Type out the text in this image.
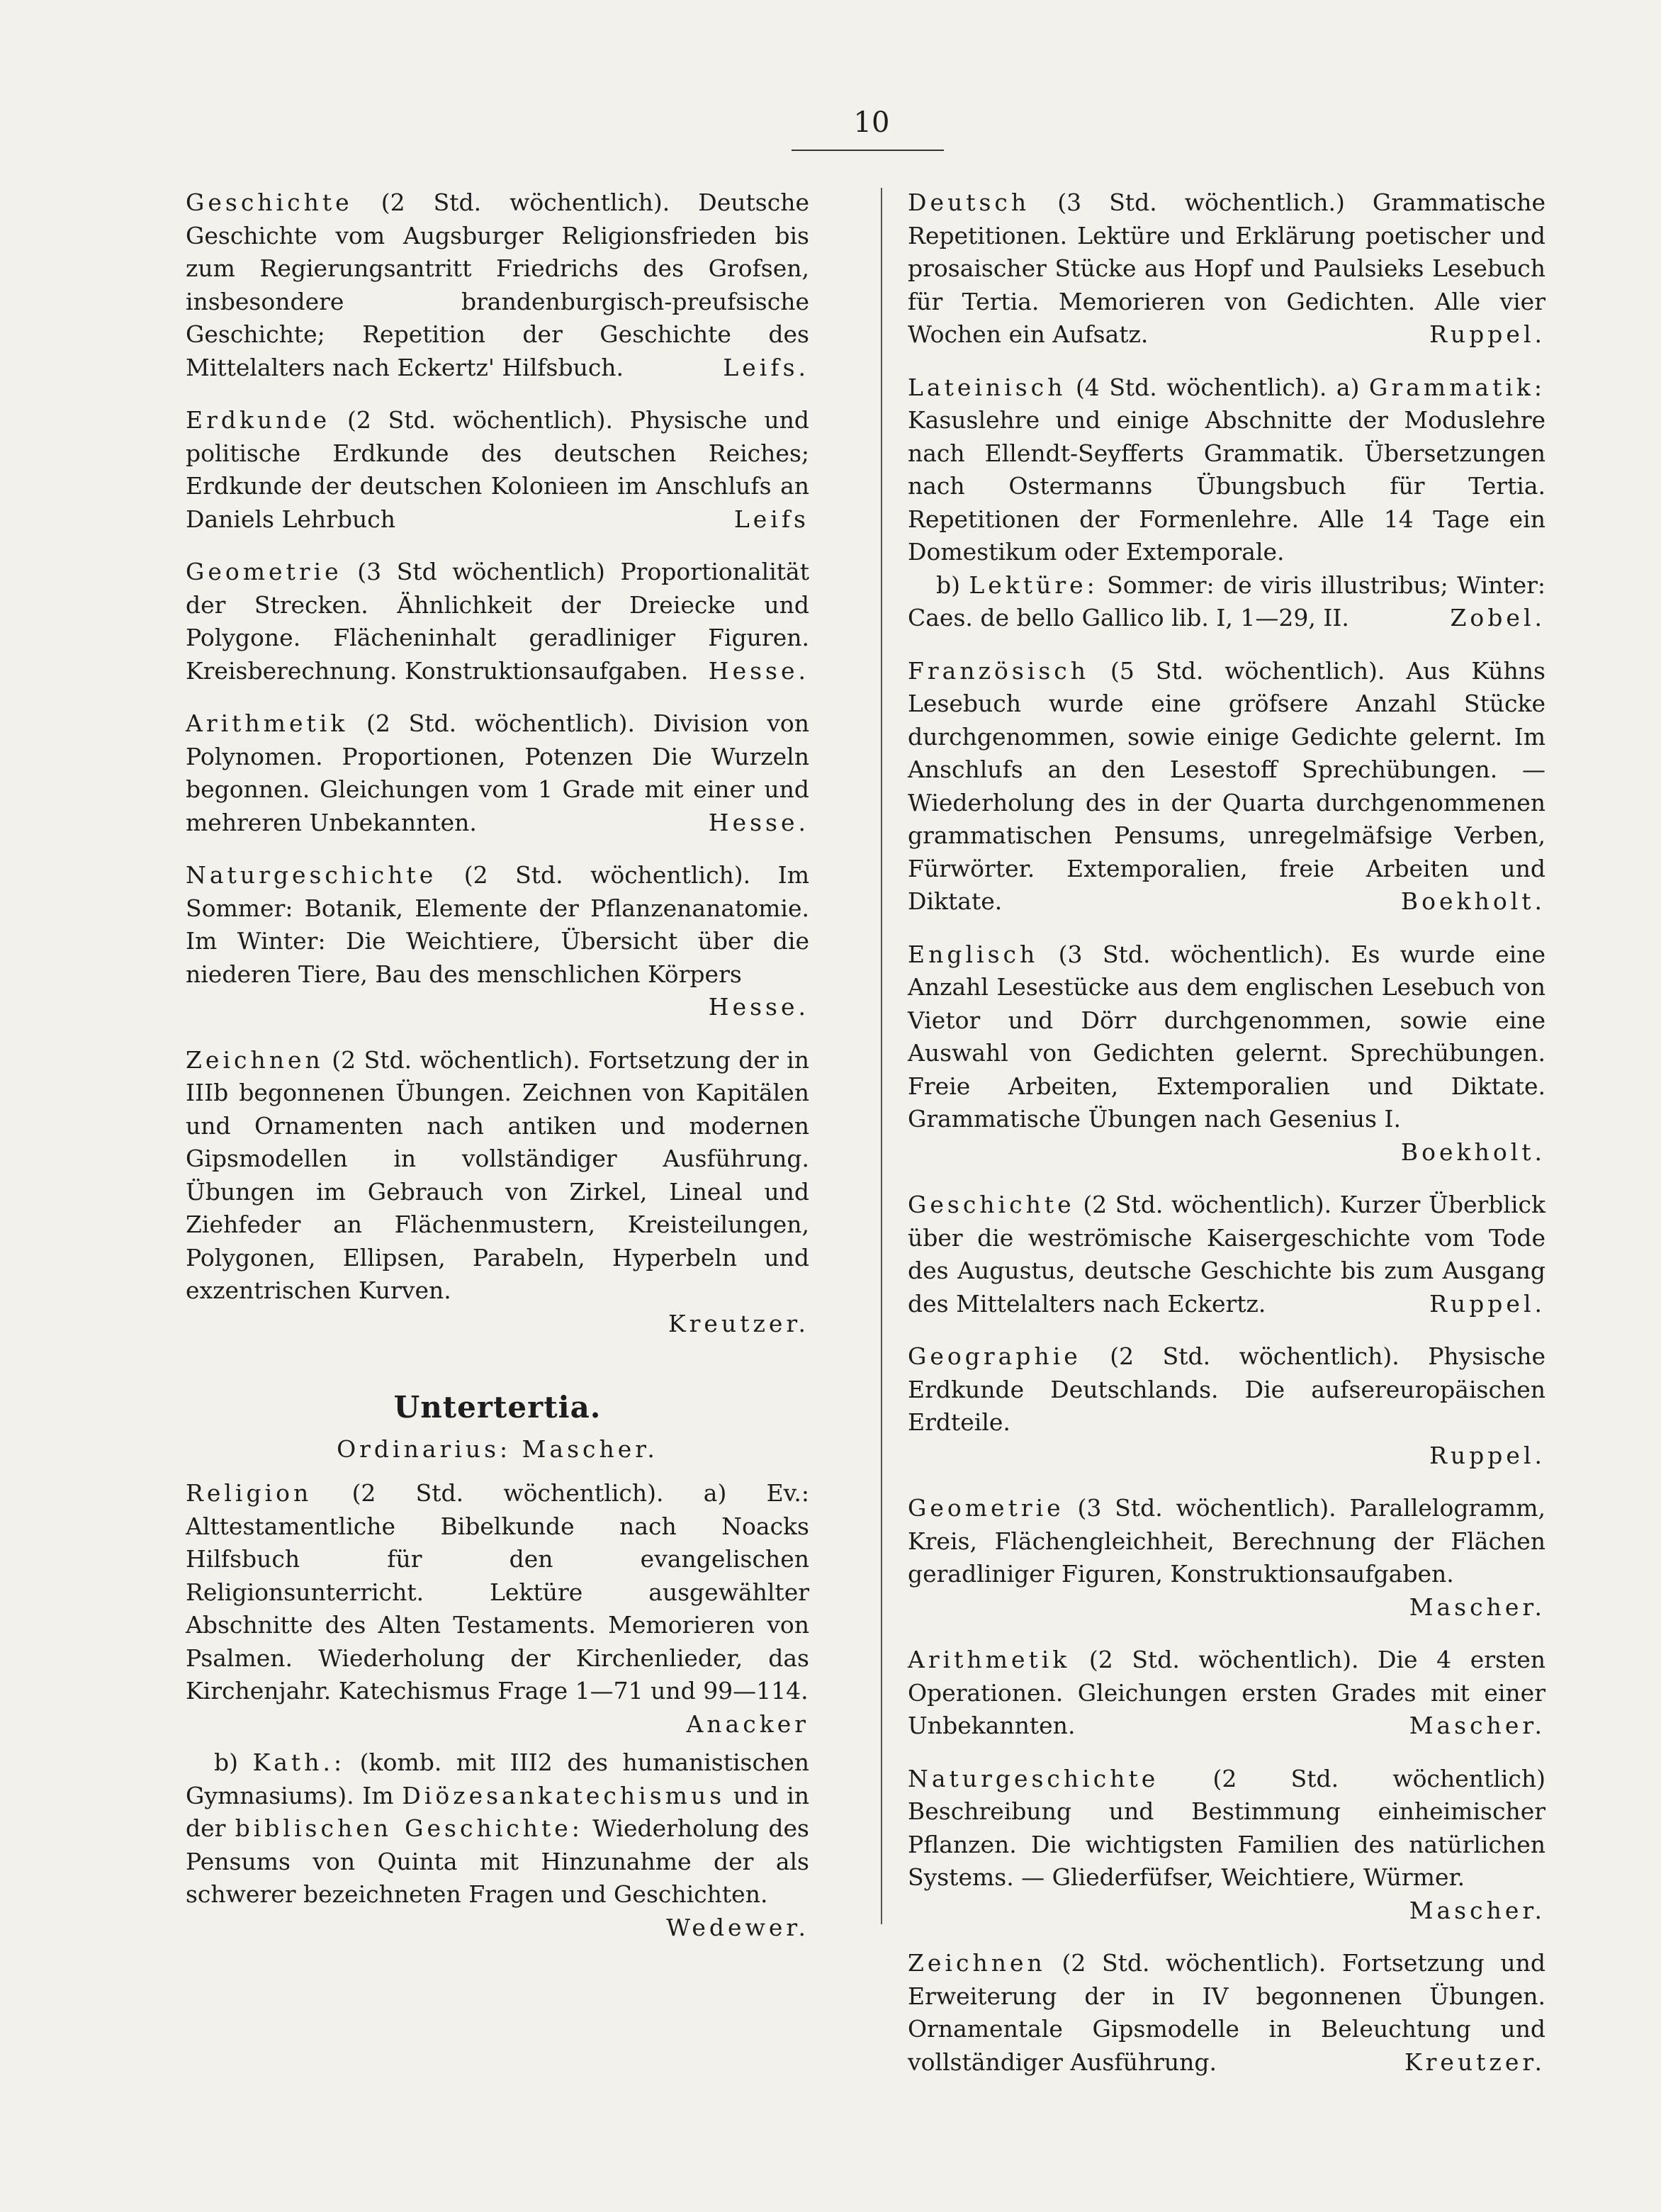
10
Geschichte (2 Std. wöchentlich). Deutsche Geschichte vom Augsburger Religionsfrieden bis zum Regierungsantritt Friedrichs des Grofsen, insbesondere brandenburgisch-preufsische Geschichte; Repetition der Geschichte des Mittelalters nach Eckertz' Hilfsbuch.	Leifs.
Erdkunde (2 Std. wöchentlich). Physische und politische Erdkunde des deutschen Reiches; Erdkunde der deutschen Kolonieen im Anschlufs an Daniels Lehrbuch	Leifs
Geometrie (3 Std wöchentlich) Proportionalität der Strecken. Ähnlichkeit der Dreiecke und Polygone. Flächeninhalt geradliniger Figuren. Kreisberechnung. Konstruktionsaufgaben. Hesse.
Arithmetik (2 Std. wöchentlich). Division von Polynomen. Proportionen, Potenzen Die Wurzeln begonnen. Gleichungen vom 1 Grade mit einer und mehreren Unbekannten.	Hesse.
Naturgeschichte (2 Std. wöchentlich). Im Sommer: Botanik, Elemente der Pflanzenanatomie. Im Winter: Die Weichtiere, Übersicht über die niederen Tiere, Bau des menschlichen Körpers
Hesse.
Zeichnen (2 Std. wöchentlich). Fortsetzung der in IIIb begonnenen Übungen. Zeichnen von Kapitälen und Ornamenten nach antiken und modernen Gipsmodellen in vollständiger Ausführung. Übungen im Gebrauch von Zirkel, Lineal und Ziehfeder an Flächenmustern, Kreisteilungen, Polygonen, Ellipsen, Parabeln, Hyperbeln und exzentrischen Kurven.
Kreutzer.
Untertertia.
Ordinarius: Mascher.
Religion (2 Std. wöchentlich). a) Ev.: Alttestamentliche Bibelkunde nach Noacks Hilfsbuch für den evangelischen Religionsunterricht. Lektüre ausgewählter Abschnitte des Alten Testaments. Memorieren von Psalmen. Wiederholung der Kirchenlieder, das Kirchenjahr. Katechismus Frage 1—71 und 99—114.
Anacker
b) Kath.: (komb. mit III2 des humanistischen Gymnasiums). Im Diözesankatechismus und in der biblischen Geschichte: Wiederholung des Pensums von Quinta mit Hinzunahme der als schwerer bezeichneten Fragen und Geschichten.
Wedewer.
Deutsch (3 Std. wöchentlich.) Grammatische Repetitionen. Lektüre und Erklärung poetischer und prosaischer Stücke aus Hopf und Paulsieks Lesebuch für Tertia. Memorieren von Gedichten. Alle vier Wochen ein Aufsatz.	Ruppel.
Lateinisch (4 Std. wöchentlich). a) Grammatik: Kasuslehre und einige Abschnitte der Moduslehre nach Ellendt-Seyfferts Grammatik. Übersetzungen nach Ostermanns Übungsbuch für Tertia. Repetitionen der Formenlehre. Alle 14 Tage ein Domestikum oder Extemporale.
b) Lektüre: Sommer: de viris illustribus; Winter: Caes. de bello Gallico lib. I, 1—29, II.	Zobel.
Französisch (5 Std. wöchentlich). Aus Kühns Lesebuch wurde eine gröfsere Anzahl Stücke durchgenommen, sowie einige Gedichte gelernt. Im Anschlufs an den Lesestoff Sprechübungen. — Wiederholung des in der Quarta durchgenommenen grammatischen Pensums, unregelmäfsige Verben, Fürwörter. Extemporalien, freie Arbeiten und Diktate.	Boekholt.
Englisch (3 Std. wöchentlich). Es wurde eine Anzahl Lesestücke aus dem englischen Lesebuch von Vietor und Dörr durchgenommen, sowie eine Auswahl von Gedichten gelernt. Sprechübungen. Freie Arbeiten, Extemporalien und Diktate. Grammatische Übungen nach Gesenius I.
Boekholt.
Geschichte (2 Std. wöchentlich). Kurzer Überblick über die weströmische Kaisergeschichte vom Tode des Augustus, deutsche Geschichte bis zum Ausgang des Mittelalters nach Eckertz.	Ruppel.
Geographie (2 Std. wöchentlich). Physische Erdkunde Deutschlands. Die aufsereuropäischen Erdteile.
Ruppel.
Geometrie (3 Std. wöchentlich). Parallelogramm, Kreis, Flächengleichheit, Berechnung der Flächen geradliniger Figuren, Konstruktionsaufgaben.
Mascher.
Arithmetik (2 Std. wöchentlich). Die 4 ersten Operationen. Gleichungen ersten Grades mit einer Unbekannten.	Mascher.
Naturgeschichte (2 Std. wöchentlich) Beschreibung und Bestimmung einheimischer Pflanzen. Die wichtigsten Familien des natürlichen Systems. — Gliederfüfser, Weichtiere, Würmer.
Mascher.
Zeichnen (2 Std. wöchentlich). Fortsetzung und Erweiterung der in IV begonnenen Übungen. Ornamentale Gipsmodelle in Beleuchtung und vollständiger Ausführung.	Kreutzer.
